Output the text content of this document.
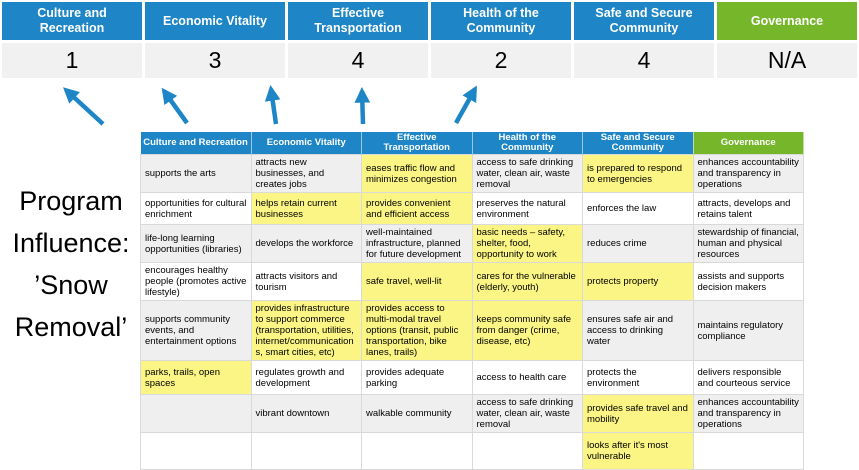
Culture and Recreation
Economic Vitality
Effective Transportation
Health of the Community
Safe and Secure Community
Governance
1	3	4	2	4	N/A
Program
Influence:
’Snow
Removal’
Culture and Recreation	Economic Vitality	Effective Transportation	Health of the Community	Safe and Secure Community	Governance
supports the arts	attracts new businesses, and creates jobs	eases traffic flow and minimizes congestion	access to safe drinking water, clean air, waste removal	is prepared to respond to emergencies	enhances accountability and transparency in operations
opportunities for cultural enrichment	helps retain current businesses	provides convenient and efficient access	preserves the natural environment	enforces the law	attracts, develops and retains talent
life-long learning opportunities (libraries)	develops the workforce	well-maintained infrastructure, planned for future development	basic needs – safety, shelter, food, opportunity to work	reduces crime	stewardship of financial, human and physical resources
encourages healthy people (promotes active lifestyle)	attracts visitors and tourism	safe travel, well-lit	cares for the vulnerable (elderly, youth)	protects property	assists and supports decision makers
supports community events, and entertainment options	provides infrastructure to support commerce (transportation, utilities, internet/communications, smart cities, etc)	provides access to multi-modal travel options (transit, public transportation, bike lanes, trails)	keeps community safe from danger (crime, disease, etc)	ensures safe air and access to drinking water	maintains regulatory compliance
parks, trails, open spaces	regulates growth and development	provides adequate parking	access to health care	protects the environment	delivers responsible and courteous service
	vibrant downtown	walkable community	access to safe drinking water, clean air, waste removal	provides safe travel and mobility	enhances accountability and transparency in operations
				looks after it's most vulnerable	
